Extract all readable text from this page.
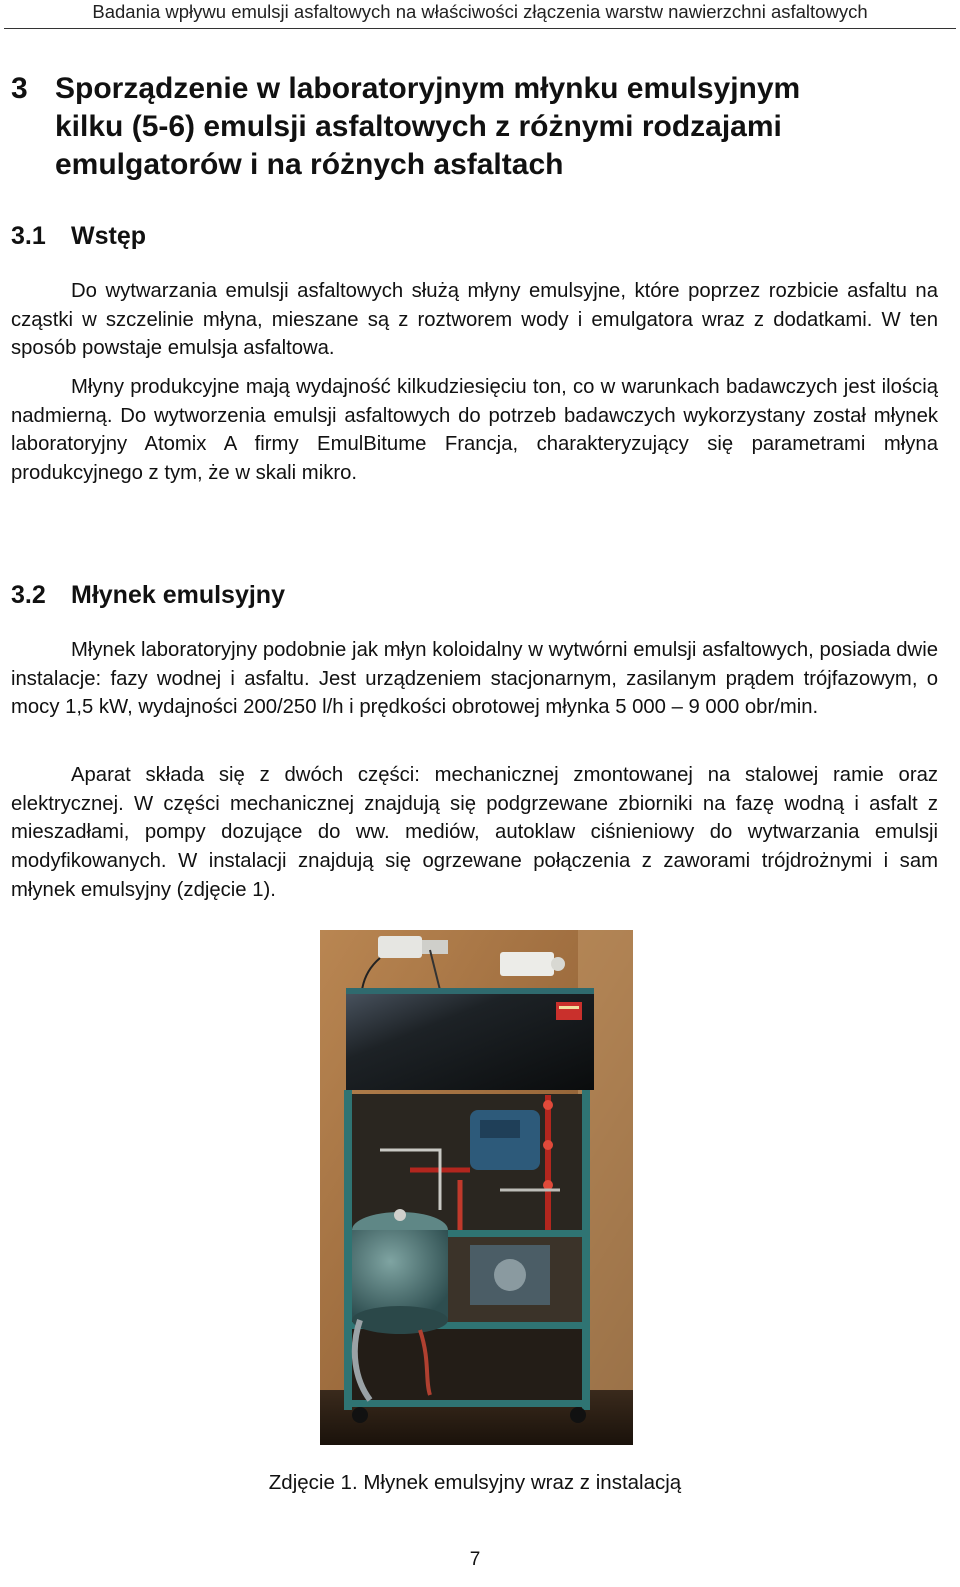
Badania wpływu emulsji asfaltowych na właściwości złączenia warstw nawierzchni asfaltowych
3 Sporządzenie w laboratoryjnym młynku emulsyjnym
kilku (5-6) emulsji asfaltowych z różnymi rodzajami
emulgatorów i na różnych asfaltach
3.1 Wstęp

Do wytwarzania emulsji asfaltowych służą młyny emulsyjne, które poprzez rozbicie asfaltu na cząstki w szczelinie młyna, mieszane są z roztworem wody i emulgatora wraz z dodatkami. W ten sposób powstaje emulsja asfaltowa.

Młyny produkcyjne mają wydajność kilkudziesięciu ton, co w warunkach badawczych jest ilością nadmierną. Do wytworzenia emulsji asfaltowych do potrzeb badawczych wykorzystany został młynek laboratoryjny Atomix A firmy EmulBitume Francja, charakteryzujący się parametrami młyna produkcyjnego z tym, że w skali mikro.

3.2 Młynek emulsyjny

Młynek laboratoryjny podobnie jak młyn koloidalny w wytwórni emulsji asfaltowych, posiada dwie instalacje: fazy wodnej i asfaltu. Jest urządzeniem stacjonarnym, zasilanym prądem trójfazowym, o mocy 1,5 kW, wydajności 200/250 l/h i prędkości obrotowej młynka 5 000 – 9 000 obr/min.

Aparat składa się z dwóch części: mechanicznej zmontowanej na stalowej ramie oraz elektrycznej. W części mechanicznej znajdują się podgrzewane zbiorniki na fazę wodną i asfalt z mieszadłami, pompy dozujące do ww. mediów, autoklaw ciśnieniowy do wytwarzania emulsji modyfikowanych. W instalacji znajdują się ogrzewane połączenia z zaworami trójdrożnymi i sam młynek emulsyjny (zdjęcie 1).

Zdjęcie 1. Młynek emulsyjny wraz z instalacją
7
